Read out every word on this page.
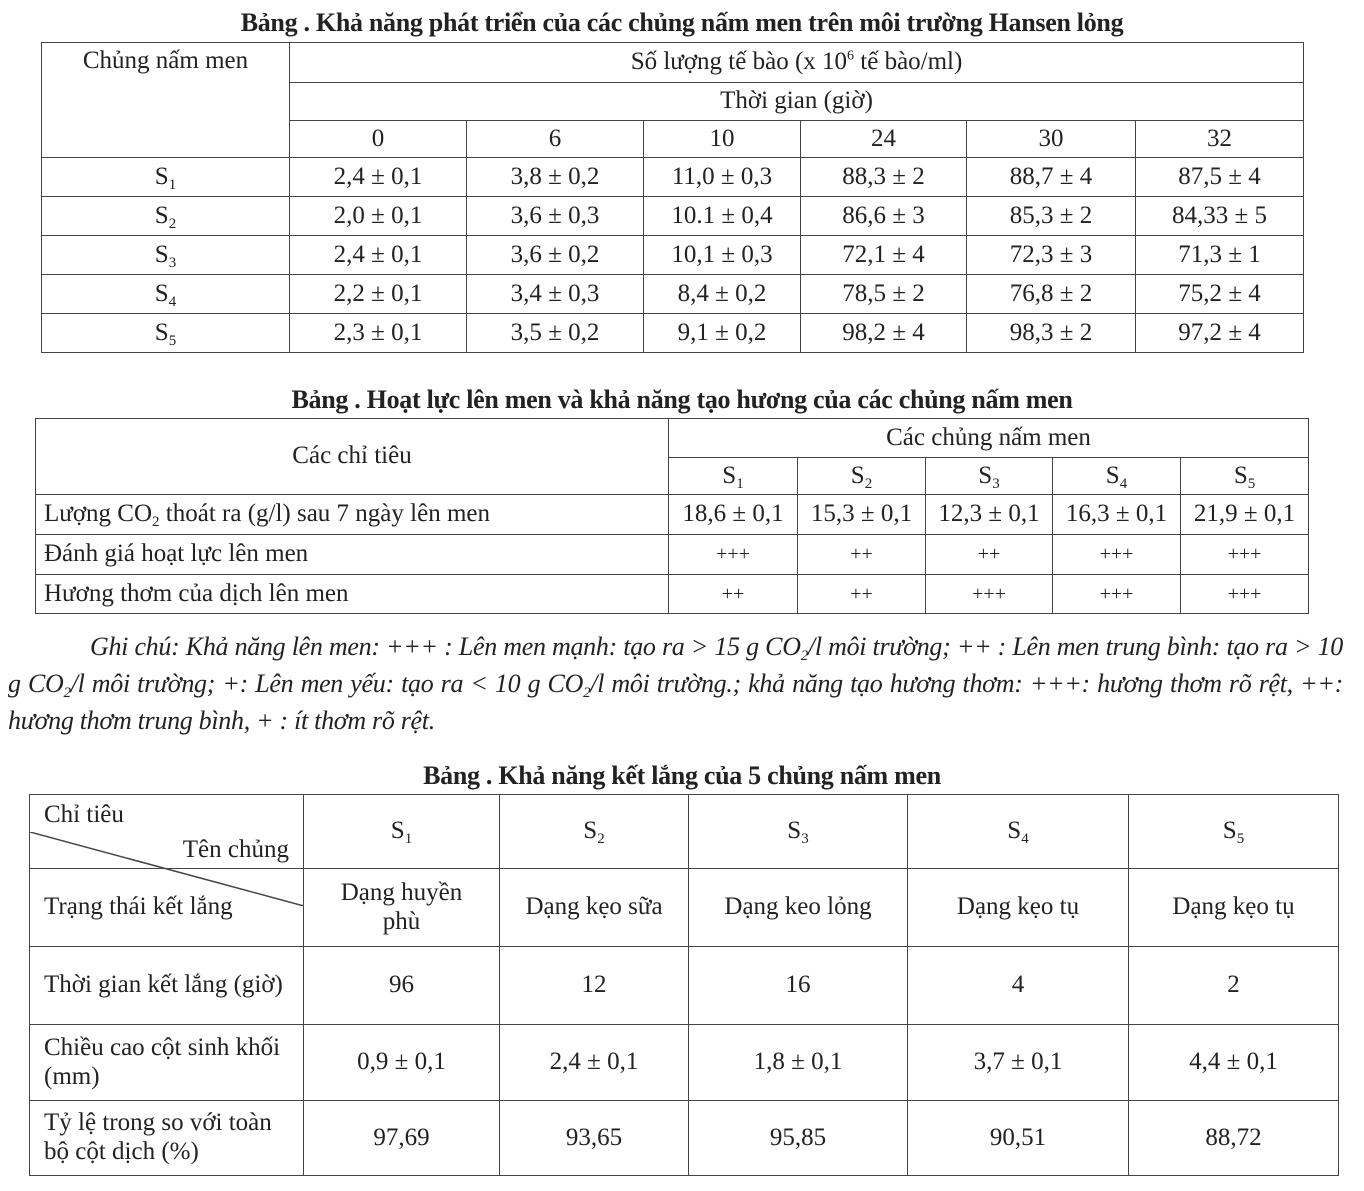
Bảng . Khả năng phát triển của các chủng nấm men trên môi trường Hansen lỏng
Chủng nấm men	Số lượng tế bào (x $10^6$ tế bào/ml)					
	Thời gian (giờ)					
	0	6	10	24	30	32
$S_1$	2,4 ± 0,1	3,8 ± 0,2	11,0 ± 0,3	88,3 ± 2	88,7 ± 4	87,5 ± 4
$S_2$	2,0 ± 0,1	3,6 ± 0,3	10.1 ± 0,4	86,6 ± 3	85,3 ± 2	84,33 ± 5
$S_3$	2,4 ± 0,1	3,6 ± 0,2	10,1 ± 0,3	72,1 ± 4	72,3 ± 3	71,3 ± 1
$S_4$	2,2 ± 0,1	3,4 ± 0,3	8,4 ± 0,2	78,5 ± 2	76,8 ± 2	75,2 ± 4
$S_5$	2,3 ± 0,1	3,5 ± 0,2	9,1 ± 0,2	98,2 ± 4	98,3 ± 2	97,2 ± 4
Bảng . Hoạt lực lên men và khả năng tạo hương của các chủng nấm men
Các chỉ tiêu	Các chủng nấm men				
	$S_1$	$S_2$	$S_3$	$S_4$	$S_5$
Lượng $CO_2$ thoát ra (g/l) sau 7 ngày lên men	18,6 ± 0,1	15,3 ± 0,1	12,3 ± 0,1	16,3 ± 0,1	21,9 ± 0,1
Đánh giá hoạt lực lên men	+++	++	++	+++	+++
Hương thơm của dịch lên men	++	++	+++	+++	+++
Ghi chú: Khả năng lên men: +++ : Lên men mạnh: tạo ra > 15 g $CO_2/l$ môi trường; ++ : Lên men trung bình: tạo ra > 10 g $CO_2/l$ môi trường; +: Lên men yếu: tạo ra < 10 g $CO_2/l$ môi trường.; khả năng tạo hương thơm: +++: hương thơm rõ rệt, ++: hương thơm trung bình, + : ít thơm rõ rệt.
Bảng . Khả năng kết lắng của 5 chủng nấm men
Tên chủng
Chỉ tiêu	$S_1$	$S_2$	$S_3$	$S_4$	$S_5$
Trạng thái kết lắng	Dạng huyền phù	Dạng kẹo sữa	Dạng keo lỏng	Dạng kẹo tụ	Dạng kẹo tụ
Thời gian kết lắng (giờ)	96	12	16	4	2
Chiều cao cột sinh khối (mm)	0,9 ± 0,1	2,4 ± 0,1	1,8 ± 0,1	3,7 ± 0,1	4,4 ± 0,1
Tỷ lệ trong so với toàn bộ cột dịch (%)	97,69	93,65	95,85	90,51	88,72
